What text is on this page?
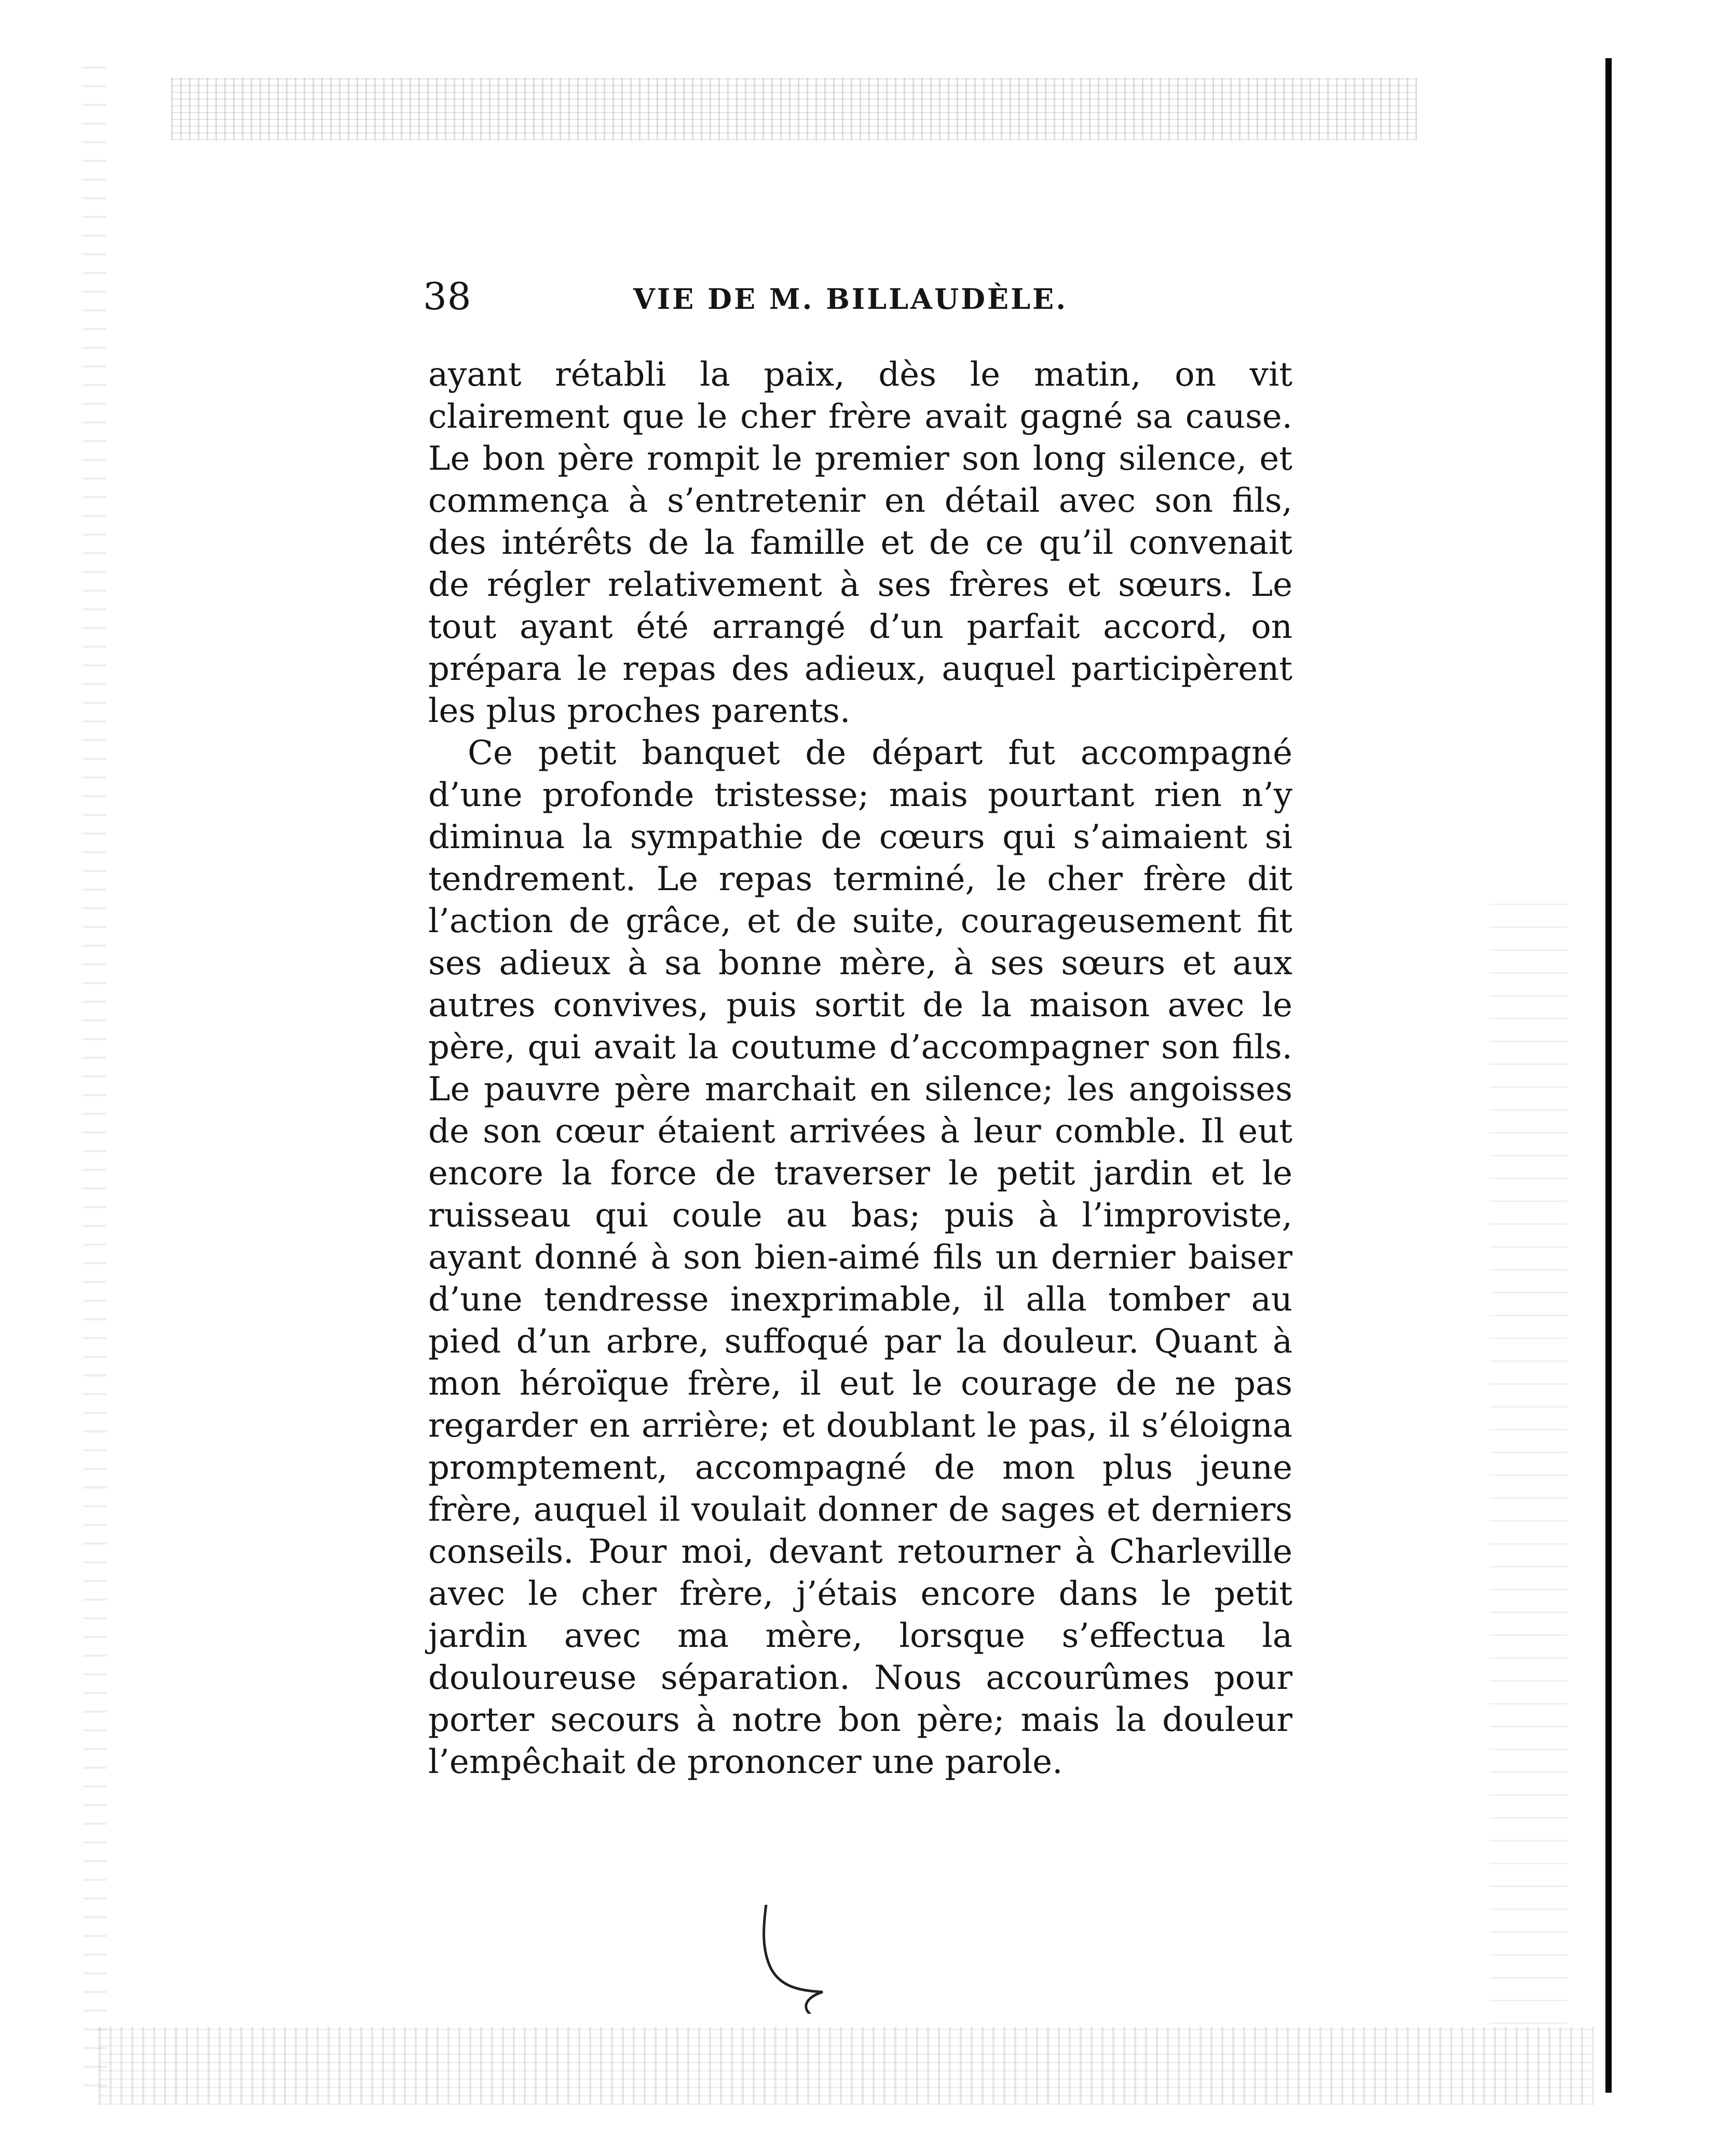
38	VIE DE M. BILLAUDÈLE.

ayant rétabli la paix, dès le matin, on vit clairement que le cher frère avait gagné sa cause. Le bon père rompit le premier son long silence, et commença à s’entretenir en détail avec son fils, des intérêts de la famille et de ce qu’il convenait de régler relativement à ses frères et sœurs. Le tout ayant été arrangé d’un parfait accord, on prépara le repas des adieux, auquel participèrent les plus proches parents.

Ce petit banquet de départ fut accompagné d’une profonde tristesse; mais pourtant rien n’y diminua la sympathie de cœurs qui s’aimaient si tendrement. Le repas terminé, le cher frère dit l’action de grâce, et de suite, courageusement fit ses adieux à sa bonne mère, à ses sœurs et aux autres convives, puis sortit de la maison avec le père, qui avait la coutume d’accompagner son fils. Le pauvre père marchait en silence; les angoisses de son cœur étaient arrivées à leur comble. Il eut encore la force de traverser le petit jardin et le ruisseau qui coule au bas; puis à l’improviste, ayant donné à son bien-aimé fils un dernier baiser d’une tendresse inexprimable, il alla tomber au pied d’un arbre, suffoqué par la douleur. Quant à mon héroïque frère, il eut le courage de ne pas regarder en arrière; et doublant le pas, il s’éloigna promptement, accompagné de mon plus jeune frère, auquel il voulait donner de sages et derniers conseils. Pour moi, devant retourner à Charleville avec le cher frère, j’étais encore dans le petit jardin avec ma mère, lorsque s’effectua la douloureuse séparation. Nous accourûmes pour porter secours à notre bon père; mais la douleur l’empêchait de prononcer une parole.
